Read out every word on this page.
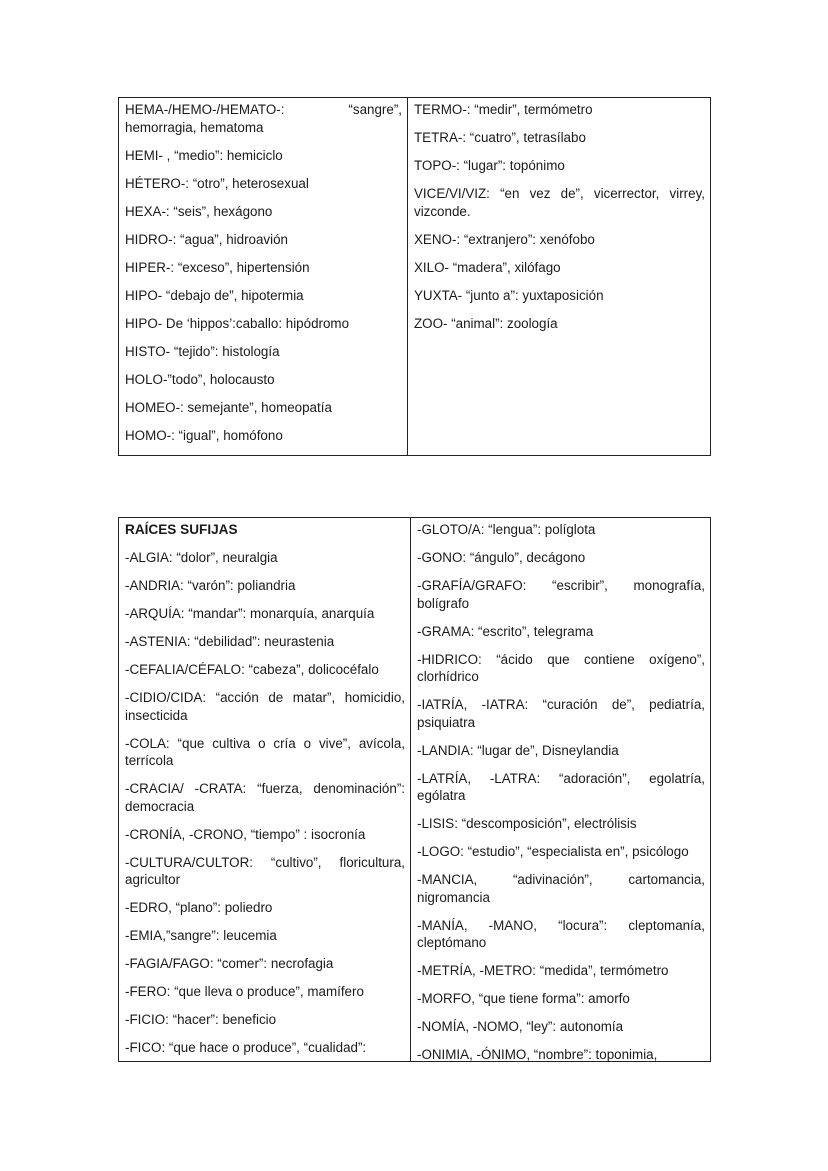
HEMA-/HEMO-/HEMATO-: “sangre”, hemorragia, hematoma
HEMI- , “medio”: hemiciclo
HÉTERO-: “otro”, heterosexual
HEXA-: “seis”, hexágono
HIDRO-: “agua”, hidroavión
HIPER-: “exceso”, hipertensión
HIPO- “debajo de”, hipotermia
HIPO- De ‘hippos’:caballo: hipódromo
HISTO- “tejido”: histología
HOLO-”todo”, holocausto
HOMEO-: semejante”, homeopatía
HOMO-: “igual”, homófono
TERMO-: “medir”, termómetro
TETRA-: “cuatro”, tetrasílabo
TOPO-: “lugar”: topónimo
VICE/VI/VIZ: “en vez de”, vicerrector, virrey, vizconde.
XENO-: “extranjero”: xenófobo
XILO- “madera”, xilófago
YUXTA- “junto a”: yuxtaposición
ZOO- “animal”: zoología
RAÍCES SUFIJAS
-ALGIA: “dolor”, neuralgia
-ANDRIA: “varón”: poliandria
-ARQUÍA: “mandar”: monarquía, anarquía
-ASTENIA: “debilidad”: neurastenia
-CEFALIA/CÉFALO: “cabeza”, dolicocéfalo
-CIDIO/CIDA: “acción de matar”, homicidio, insecticida
-COLA: “que cultiva o cría o vive”, avícola, terrícola
-CRACIA/ -CRATA: “fuerza, denominación”: democracia
-CRONÍA, -CRONO, “tiempo” : isocronía
-CULTURA/CULTOR: “cultivo”, floricultura, agricultor
-EDRO, “plano”: poliedro
-EMIA,”sangre”: leucemia
-FAGIA/FAGO: “comer”: necrofagia
-FERO: “que lleva o produce”, mamífero
-FICIO: “hacer”: beneficio
-FICO: “que hace o produce”, “cualidad”:
-GLOTO/A: “lengua”: políglota
-GONO: “ángulo”, decágono
-GRAFÍA/GRAFO: “escribir”, monografía, bolígrafo
-GRAMA: “escrito”, telegrama
-HIDRICO: “ácido que contiene oxígeno”, clorhídrico
-IATRÍA, -IATRA: “curación de”, pediatría, psiquiatra
-LANDIA: “lugar de”, Disneylandia
-LATRÍA, -LATRA: “adoración”, egolatría, ególatra
-LISIS: “descomposición”, electrólisis
-LOGO: “estudio”, “especialista en”, psicólogo
-MANCIA, “adivinación”, cartomancia, nigromancia
-MANÍA, -MANO, “locura”: cleptomanía, cleptómano
-METRÍA, -METRO: “medida”, termómetro
-MORFO, “que tiene forma”: amorfo
-NOMÍA, -NOMO, “ley”: autonomía
-ONIMIA, -ÓNIMO, “nombre”: toponimia,
